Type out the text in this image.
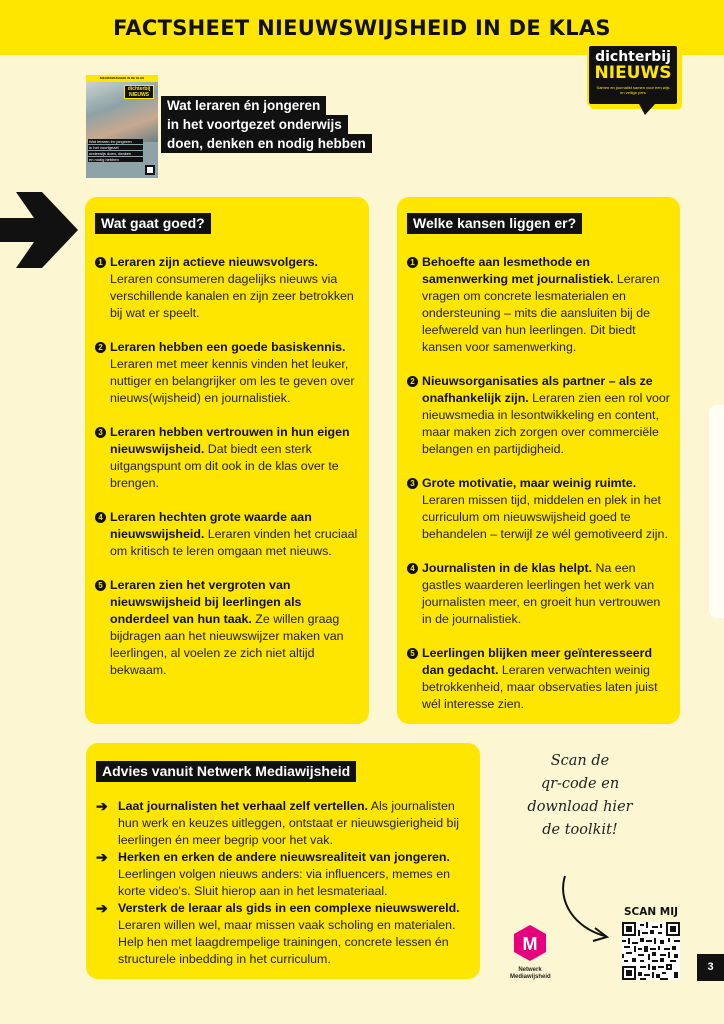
FACTSHEET NIEUWSWIJSHEID IN DE KLAS
NIEUWSWIJSHEID IN DE KLAS
dichterbij
NIEUWS
Wat leraren én jongeren
in het voortgezet
onderwijs doen, denken
en nodig hebben
Wat leraren én jongeren
in het voortgezet onderwijs
doen, denken en nodig hebben
dichterbij
NIEUWS
Samen en journalist samen voor een wijs en veilige pers
Wat gaat goed?
1 Leraren zijn actieve nieuwsvolgers. Leraren consumeren dagelijks nieuws via verschillende kanalen en zijn zeer betrokken bij wat er speelt.
2 Leraren hebben een goede basiskennis. Leraren met meer kennis vinden het leuker, nuttiger en belangrijker om les te geven over nieuws(wijsheid) en journalistiek.
3 Leraren hebben vertrouwen in hun eigen nieuwswijsheid. Dat biedt een sterk uitgangspunt om dit ook in de klas over te brengen.
4 Leraren hechten grote waarde aan nieuwswijsheid. Leraren vinden het cruciaal om kritisch te leren omgaan met nieuws.
5 Leraren zien het vergroten van nieuwswijsheid bij leerlingen als onderdeel van hun taak. Ze willen graag bijdragen aan het nieuwswijzer maken van leerlingen, al voelen ze zich niet altijd bekwaam.
Welke kansen liggen er?
1 Behoefte aan lesmethode en samenwerking met journalistiek. Leraren vragen om concrete lesmaterialen en ondersteuning – mits die aansluiten bij de leefwereld van hun leerlingen. Dit biedt kansen voor samenwerking.
2 Nieuwsorganisaties als partner – als ze onafhankelijk zijn. Leraren zien een rol voor nieuwsmedia in lesontwikkeling en content, maar maken zich zorgen over commerciële belangen en partijdigheid.
3 Grote motivatie, maar weinig ruimte. Leraren missen tijd, middelen en plek in het curriculum om nieuwswijsheid goed te behandelen – terwijl ze wél gemotiveerd zijn.
4 Journalisten in de klas helpt. Na een gastles waarderen leerlingen het werk van journalisten meer, en groeit hun vertrouwen in de journalistiek.
5 Leerlingen blijken meer geïnteresseerd dan gedacht. Leraren verwachten weinig betrokkenheid, maar observaties laten juist wél interesse zien.
Advies vanuit Netwerk Mediawijsheid
➔ Laat journalisten het verhaal zelf vertellen. Als journalisten hun werk en keuzes uitleggen, ontstaat er nieuwsgierigheid bij leerlingen én meer begrip voor het vak.
➔ Herken en erken de andere nieuwsrealiteit van jongeren. Leerlingen volgen nieuws anders: via influencers, memes en korte video's. Sluit hierop aan in het lesmateriaal.
➔ Versterk de leraar als gids in een complexe nieuwswereld. Leraren willen wel, maar missen vaak scholing en materialen. Help hen met laagdrempelige trainingen, concrete lessen én structurele inbedding in het curriculum.
Scan de
qr-code en
download hier
de toolkit!
M
Netwerk
Mediawijsheid
SCAN MIJ
3
